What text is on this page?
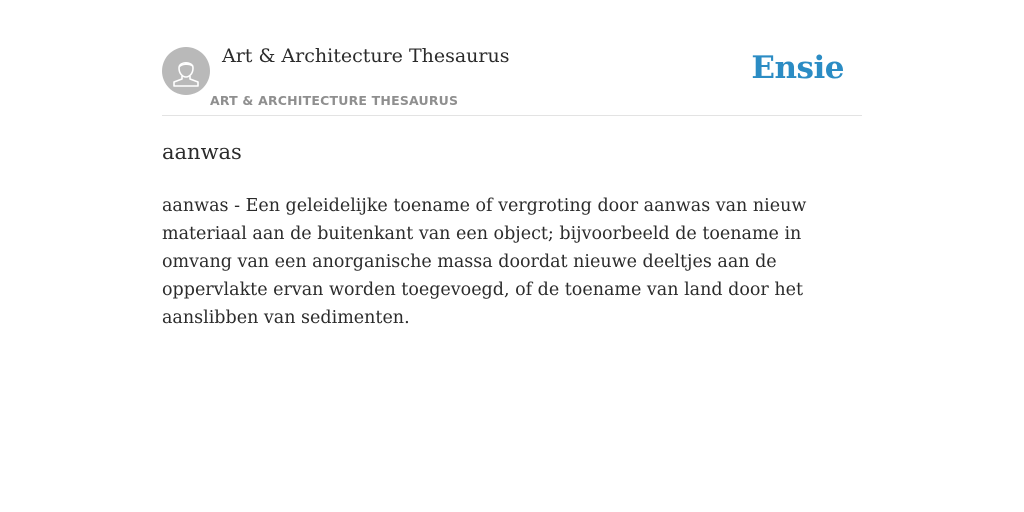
Art & Architecture Thesaurus
ART & ARCHITECTURE THESAURUS
Ensie
aanwas

aanwas - Een geleidelijke toename of vergroting door aanwas van nieuw materiaal aan de buitenkant van een object; bijvoorbeeld de toename in omvang van een anorganische massa doordat nieuwe deeltjes aan de oppervlakte ervan worden toegevoegd, of de toename van land door het aanslibben van sedimenten.
